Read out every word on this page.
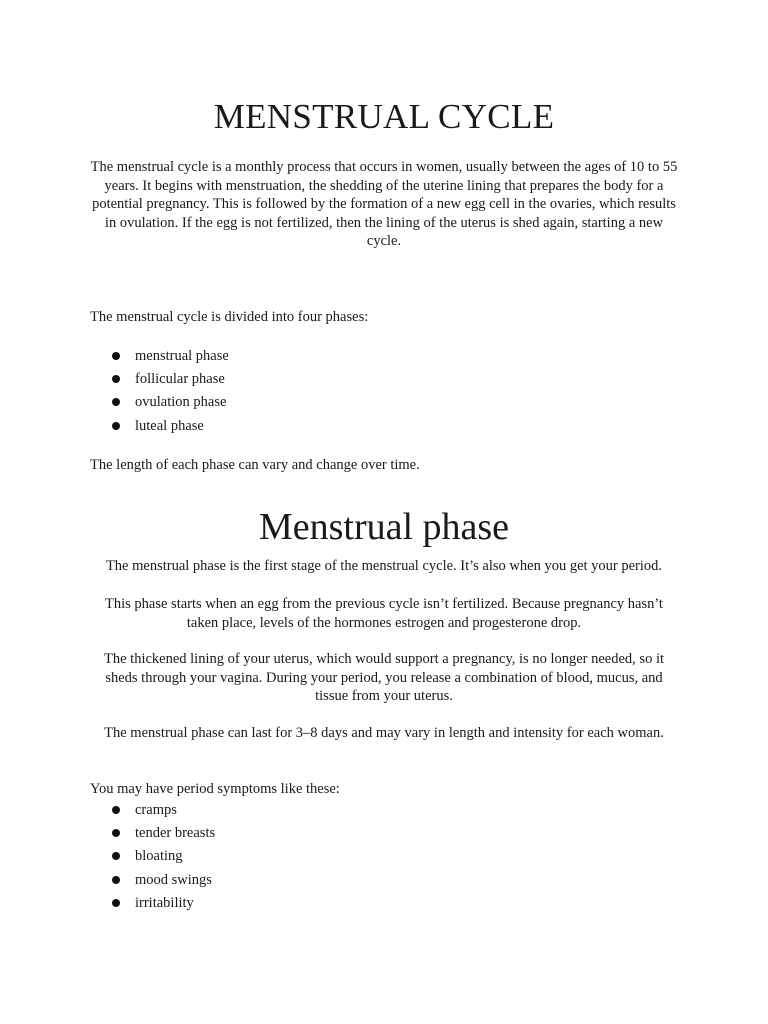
MENSTRUAL CYCLE

The menstrual cycle is a monthly process that occurs in women, usually between the ages of 10 to 55 years. It begins with menstruation, the shedding of the uterine lining that prepares the body for a potential pregnancy. This is followed by the formation of a new egg cell in the ovaries, which results in ovulation. If the egg is not fertilized, then the lining of the uterus is shed again, starting a new cycle.

The menstrual cycle is divided into four phases:

menstrual phase
follicular phase
ovulation phase
luteal phase

The length of each phase can vary and change over time.

Menstrual phase

The menstrual phase is the first stage of the menstrual cycle. It’s also when you get your period.

This phase starts when an egg from the previous cycle isn’t fertilized. Because pregnancy hasn’t taken place, levels of the hormones estrogen and progesterone drop.

The thickened lining of your uterus, which would support a pregnancy, is no longer needed, so it sheds through your vagina. During your period, you release a combination of blood, mucus, and tissue from your uterus.

The menstrual phase can last for 3–8 days and may vary in length and intensity for each woman.

You may have period symptoms like these:

cramps
tender breasts
bloating
mood swings
irritability
